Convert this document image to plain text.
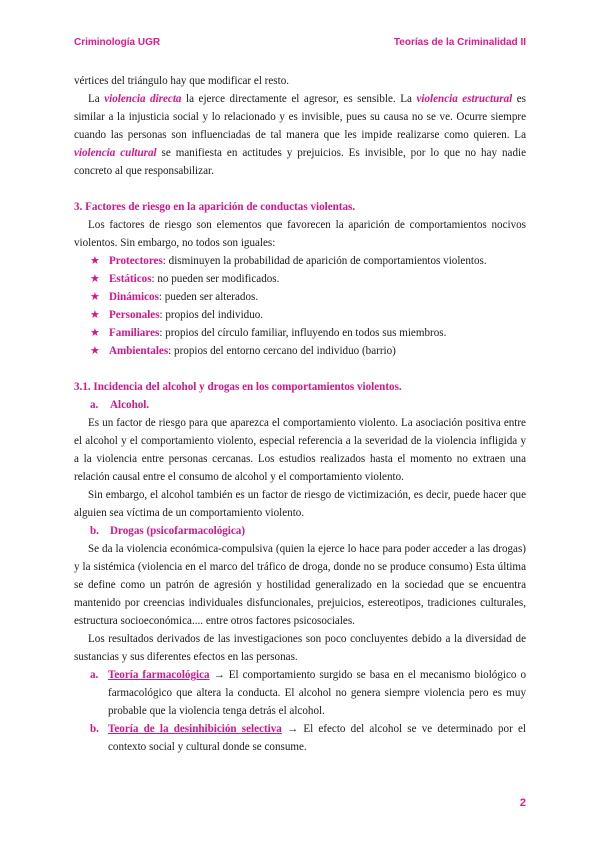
Criminología UGR	Teorías de la Criminalidad II

vértices del triángulo hay que modificar el resto.

La violencia directa la ejerce directamente el agresor, es sensible. La violencia estructural es similar a la injusticia social y lo relacionado y es invisible, pues su causa no se ve. Ocurre siempre cuando las personas son influenciadas de tal manera que les impide realizarse como quieren. La violencia cultural se manifiesta en actitudes y prejuicios. Es invisible, por lo que no hay nadie concreto al que responsabilizar.

3. Factores de riesgo en la aparición de conductas violentas.

Los factores de riesgo son elementos que favorecen la aparición de comportamientos nocivos violentos. Sin embargo, no todos son iguales:

★ Protectores: disminuyen la probabilidad de aparición de comportamientos violentos.
★ Estáticos: no pueden ser modificados.
★ Dinámicos: pueden ser alterados.
★ Personales: propios del individuo.
★ Familiares: propios del círculo familiar, influyendo en todos sus miembros.
★ Ambientales: propios del entorno cercano del individuo (barrio)

3.1. Incidencia del alcohol y drogas en los comportamientos violentos.

a. Alcohol.

Es un factor de riesgo para que aparezca el comportamiento violento. La asociación positiva entre el alcohol y el comportamiento violento, especial referencia a la severidad de la violencia infligida y a la violencia entre personas cercanas. Los estudios realizados hasta el momento no extraen una relación causal entre el consumo de alcohol y el comportamiento violento.

Sin embargo, el alcohol también es un factor de riesgo de victimización, es decir, puede hacer que alguien sea víctima de un comportamiento violento.

b. Drogas (psicofarmacológica)

Se da la violencia económica-compulsiva (quien la ejerce lo hace para poder acceder a las drogas) y la sistémica (violencia en el marco del tráfico de droga, donde no se produce consumo) Esta última se define como un patrón de agresión y hostilidad generalizado en la sociedad que se encuentra mantenido por creencias individuales disfuncionales, prejuicios, estereotipos, tradiciones culturales, estructura socioeconómica.... entre otros factores psicosociales.

Los resultados derivados de las investigaciones son poco concluyentes debido a la diversidad de sustancias y sus diferentes efectos en las personas.

a. Teoría farmacológica → El comportamiento surgido se basa en el mecanismo biológico o farmacológico que altera la conducta. El alcohol no genera siempre violencia pero es muy probable que la violencia tenga detrás el alcohol.
b. Teoría de la desinhibición selectiva → El efecto del alcohol se ve determinado por el contexto social y cultural donde se consume.
2
